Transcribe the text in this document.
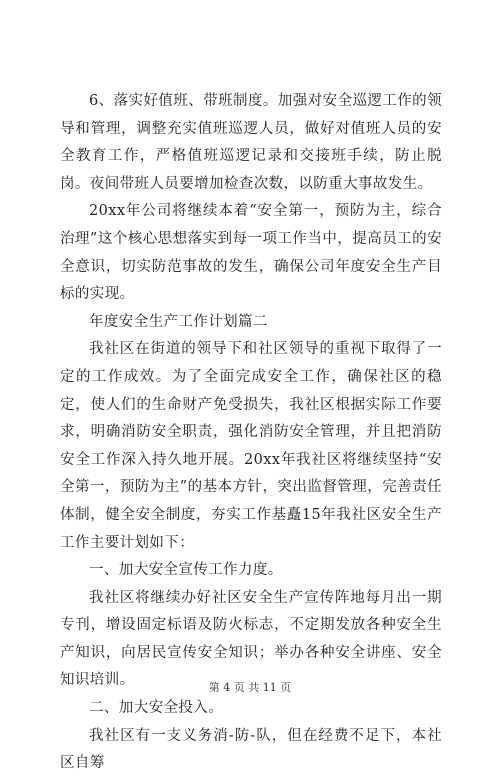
6、落实好值班、带班制度。加强对安全巡逻工作的领导和管理，调整充实值班巡逻人员，做好对值班人员的安全教育工作，严格值班巡逻记录和交接班手续，防止脱岗。夜间带班人员要增加检查次数，以防重大事故发生。

20xx年公司将继续本着“安全第一，预防为主，综合治理”这个核心思想落实到每一项工作当中，提高员工的安全意识，切实防范事故的发生，确保公司年度安全生产目标的实现。

年度安全生产工作计划篇二

我社区在街道的领导下和社区领导的重视下取得了一定的工作成效。为了全面完成安全工作，确保社区的稳定，使人们的生命财产免受损失，我社区根据实际工作要求，明确消防安全职责，强化消防安全管理，并且把消防安全工作深入持久地开展。20xx年我社区将继续坚持“安全第一，预防为主”的基本方针，突出监督管理，完善责任体制，健全安全制度，夯实工作基矗15年我社区安全生产工作主要计划如下：

一、加大安全宣传工作力度。

我社区将继续办好社区安全生产宣传阵地每月出一期专刊，增设固定标语及防火标志，不定期发放各种安全生产知识，向居民宣传安全知识；举办各种安全讲座、安全知识培训。

二、加大安全投入。

我社区有一支义务消-防-队，但在经费不足下，本社区自筹

第 4 页 共 11 页
